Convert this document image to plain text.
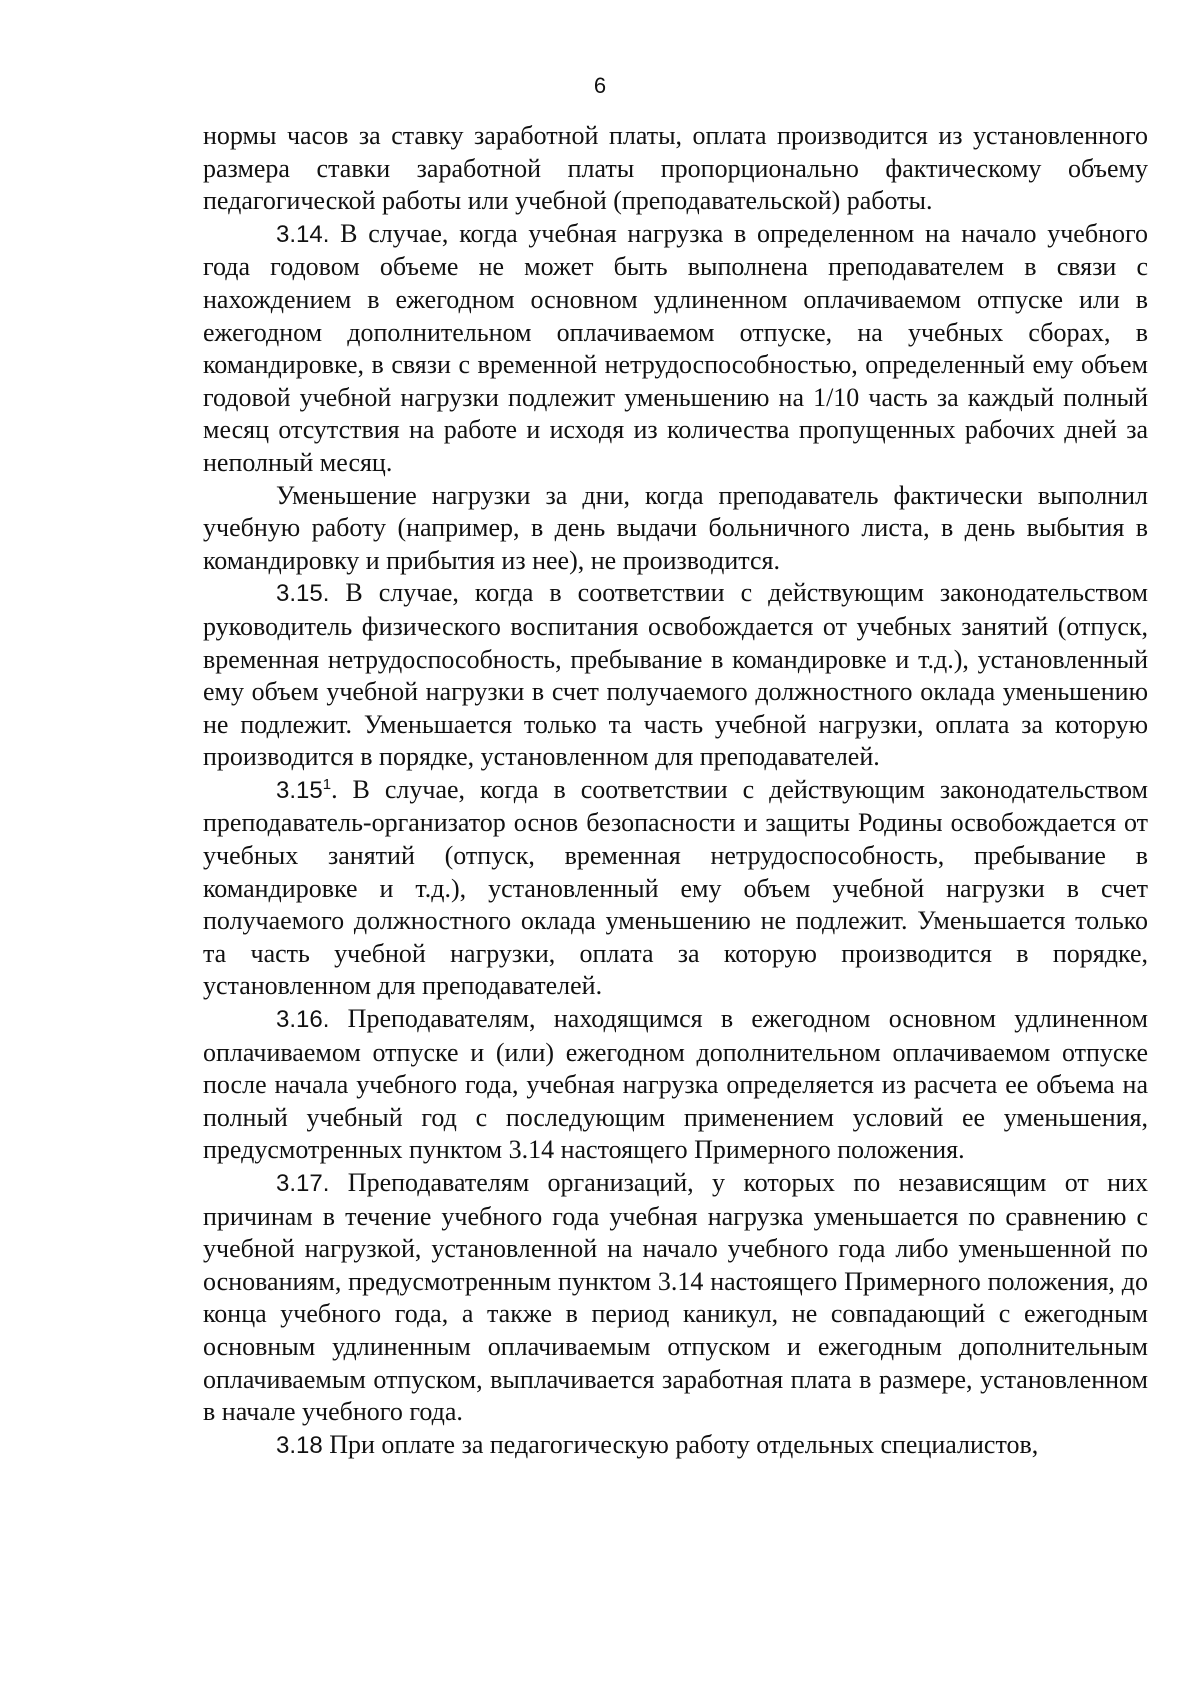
6

нормы часов за ставку заработной платы, оплата производится из установленного размера ставки заработной платы пропорционально фактическому объему педагогической работы или учебной (преподавательской) работы.

3.14. В случае, когда учебная нагрузка в определенном на начало учебного года годовом объеме не может быть выполнена преподавателем в связи с нахождением в ежегодном основном удлиненном оплачиваемом отпуске или в ежегодном дополнительном оплачиваемом отпуске, на учебных сборах, в командировке, в связи с временной нетрудоспособностью, определенный ему объем годовой учебной нагрузки подлежит уменьшению на 1/10 часть за каждый полный месяц отсутствия на работе и исходя из количества пропущенных рабочих дней за неполный месяц.

Уменьшение нагрузки за дни, когда преподаватель фактически выполнил учебную работу (например, в день выдачи больничного листа, в день выбытия в командировку и прибытия из нее), не производится.

3.15. В случае, когда в соответствии с действующим законодательством руководитель физического воспитания освобождается от учебных занятий (отпуск, временная нетрудоспособность, пребывание в командировке и т.д.), установленный ему объем учебной нагрузки в счет получаемого должностного оклада уменьшению не подлежит. Уменьшается только та часть учебной нагрузки, оплата за которую производится в порядке, установленном для преподавателей.

3.15$^1$. В случае, когда в соответствии с действующим законодательством преподаватель-организатор основ безопасности и защиты Родины освобождается от учебных занятий (отпуск, временная нетрудоспособность, пребывание в командировке и т.д.), установленный ему объем учебной нагрузки в счет получаемого должностного оклада уменьшению не подлежит. Уменьшается только та часть учебной нагрузки, оплата за которую производится в порядке, установленном для преподавателей.

3.16. Преподавателям, находящимся в ежегодном основном удлиненном оплачиваемом отпуске и (или) ежегодном дополнительном оплачиваемом отпуске после начала учебного года, учебная нагрузка определяется из расчета ее объема на полный учебный год с последующим применением условий ее уменьшения, предусмотренных пунктом 3.14 настоящего Примерного положения.

3.17. Преподавателям организаций, у которых по независящим от них причинам в течение учебного года учебная нагрузка уменьшается по сравнению с учебной нагрузкой, установленной на начало учебного года либо уменьшенной по основаниям, предусмотренным пунктом 3.14 настоящего Примерного положения, до конца учебного года, а также в период каникул, не совпадающий с ежегодным основным удлиненным оплачиваемым отпуском и ежегодным дополнительным оплачиваемым отпуском, выплачивается заработная плата в размере, установленном в начале учебного года.

3.18 При оплате за педагогическую работу отдельных специалистов,
